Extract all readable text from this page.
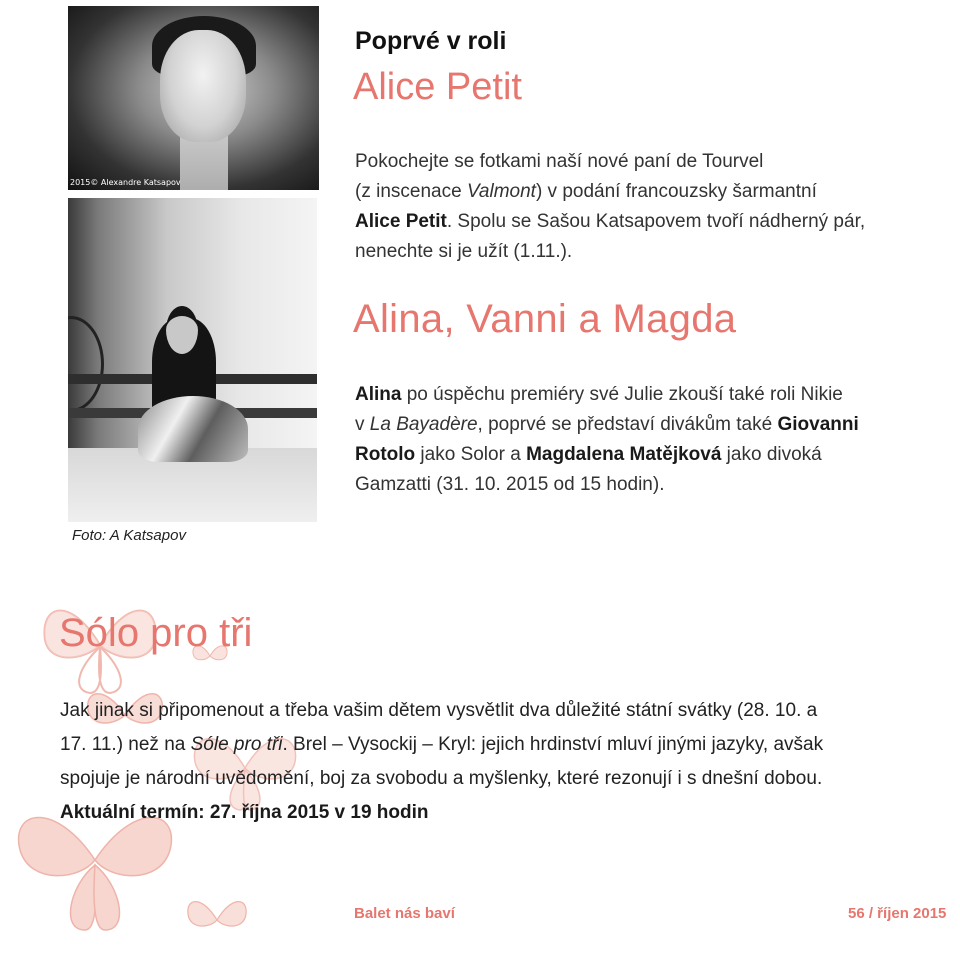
2015© Alexandre Katsapov
Foto: A Katsapov
Poprvé v roli
Alice Petit
Pokochejte se fotkami naší nové paní de Tourvel
(z inscenace Valmont) v podání francouzsky šarmantní
Alice Petit. Spolu se Sašou Katsapovem tvoří nádherný pár,
nenechte si je užít (1.11.).
Alina, Vanni a Magda
Alina po úspěchu premiéry své Julie zkouší také roli Nikie
v La Bayadère, poprvé se představí divákům také Giovanni
Rotolo jako Solor a Magdalena Matějková jako divoká
Gamzatti (31. 10. 2015 od 15 hodin).
Sólo pro tři
Jak jinak si připomenout a třeba vašim dětem vysvětlit dva důležité státní svátky (28. 10. a
17. 11.) než na Sóle pro tři. Brel – Vysockij – Kryl: jejich hrdinství mluví jinými jazyky, avšak
spojuje je národní uvědomění, boj za svobodu a myšlenky, které rezonují i s dnešní dobou.
Aktuální termín: 27. října 2015 v 19 hodin
Balet nás baví	56 / říjen 2015
